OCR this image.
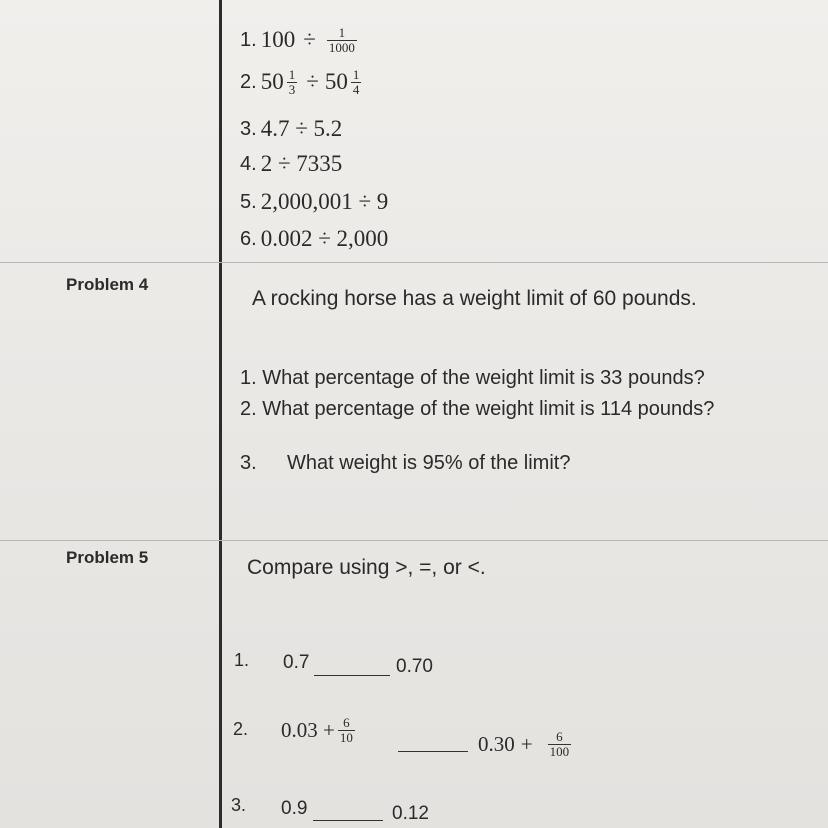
1. $100 \div \frac{1}{1000}$
2. $50 \frac{1}{3} \div 50 \frac{1}{4}$
3. 4.7 ÷ 5.2
4. 2 ÷ 7335
5. 2,000,001 ÷ 9
6. 0.002 ÷ 2,000
Problem 4
A rocking horse has a weight limit of 60 pounds.
1. What percentage of the weight limit is 33 pounds?
2. What percentage of the weight limit is 114 pounds?
3. What weight is 95% of the limit?
Problem 5	Compare using >, =, or <.
1. 0.7	0.70
2. $0.03 + \frac{6}{10}$	$0.30 + \frac{6}{100}$
3. 0.9	0.12
